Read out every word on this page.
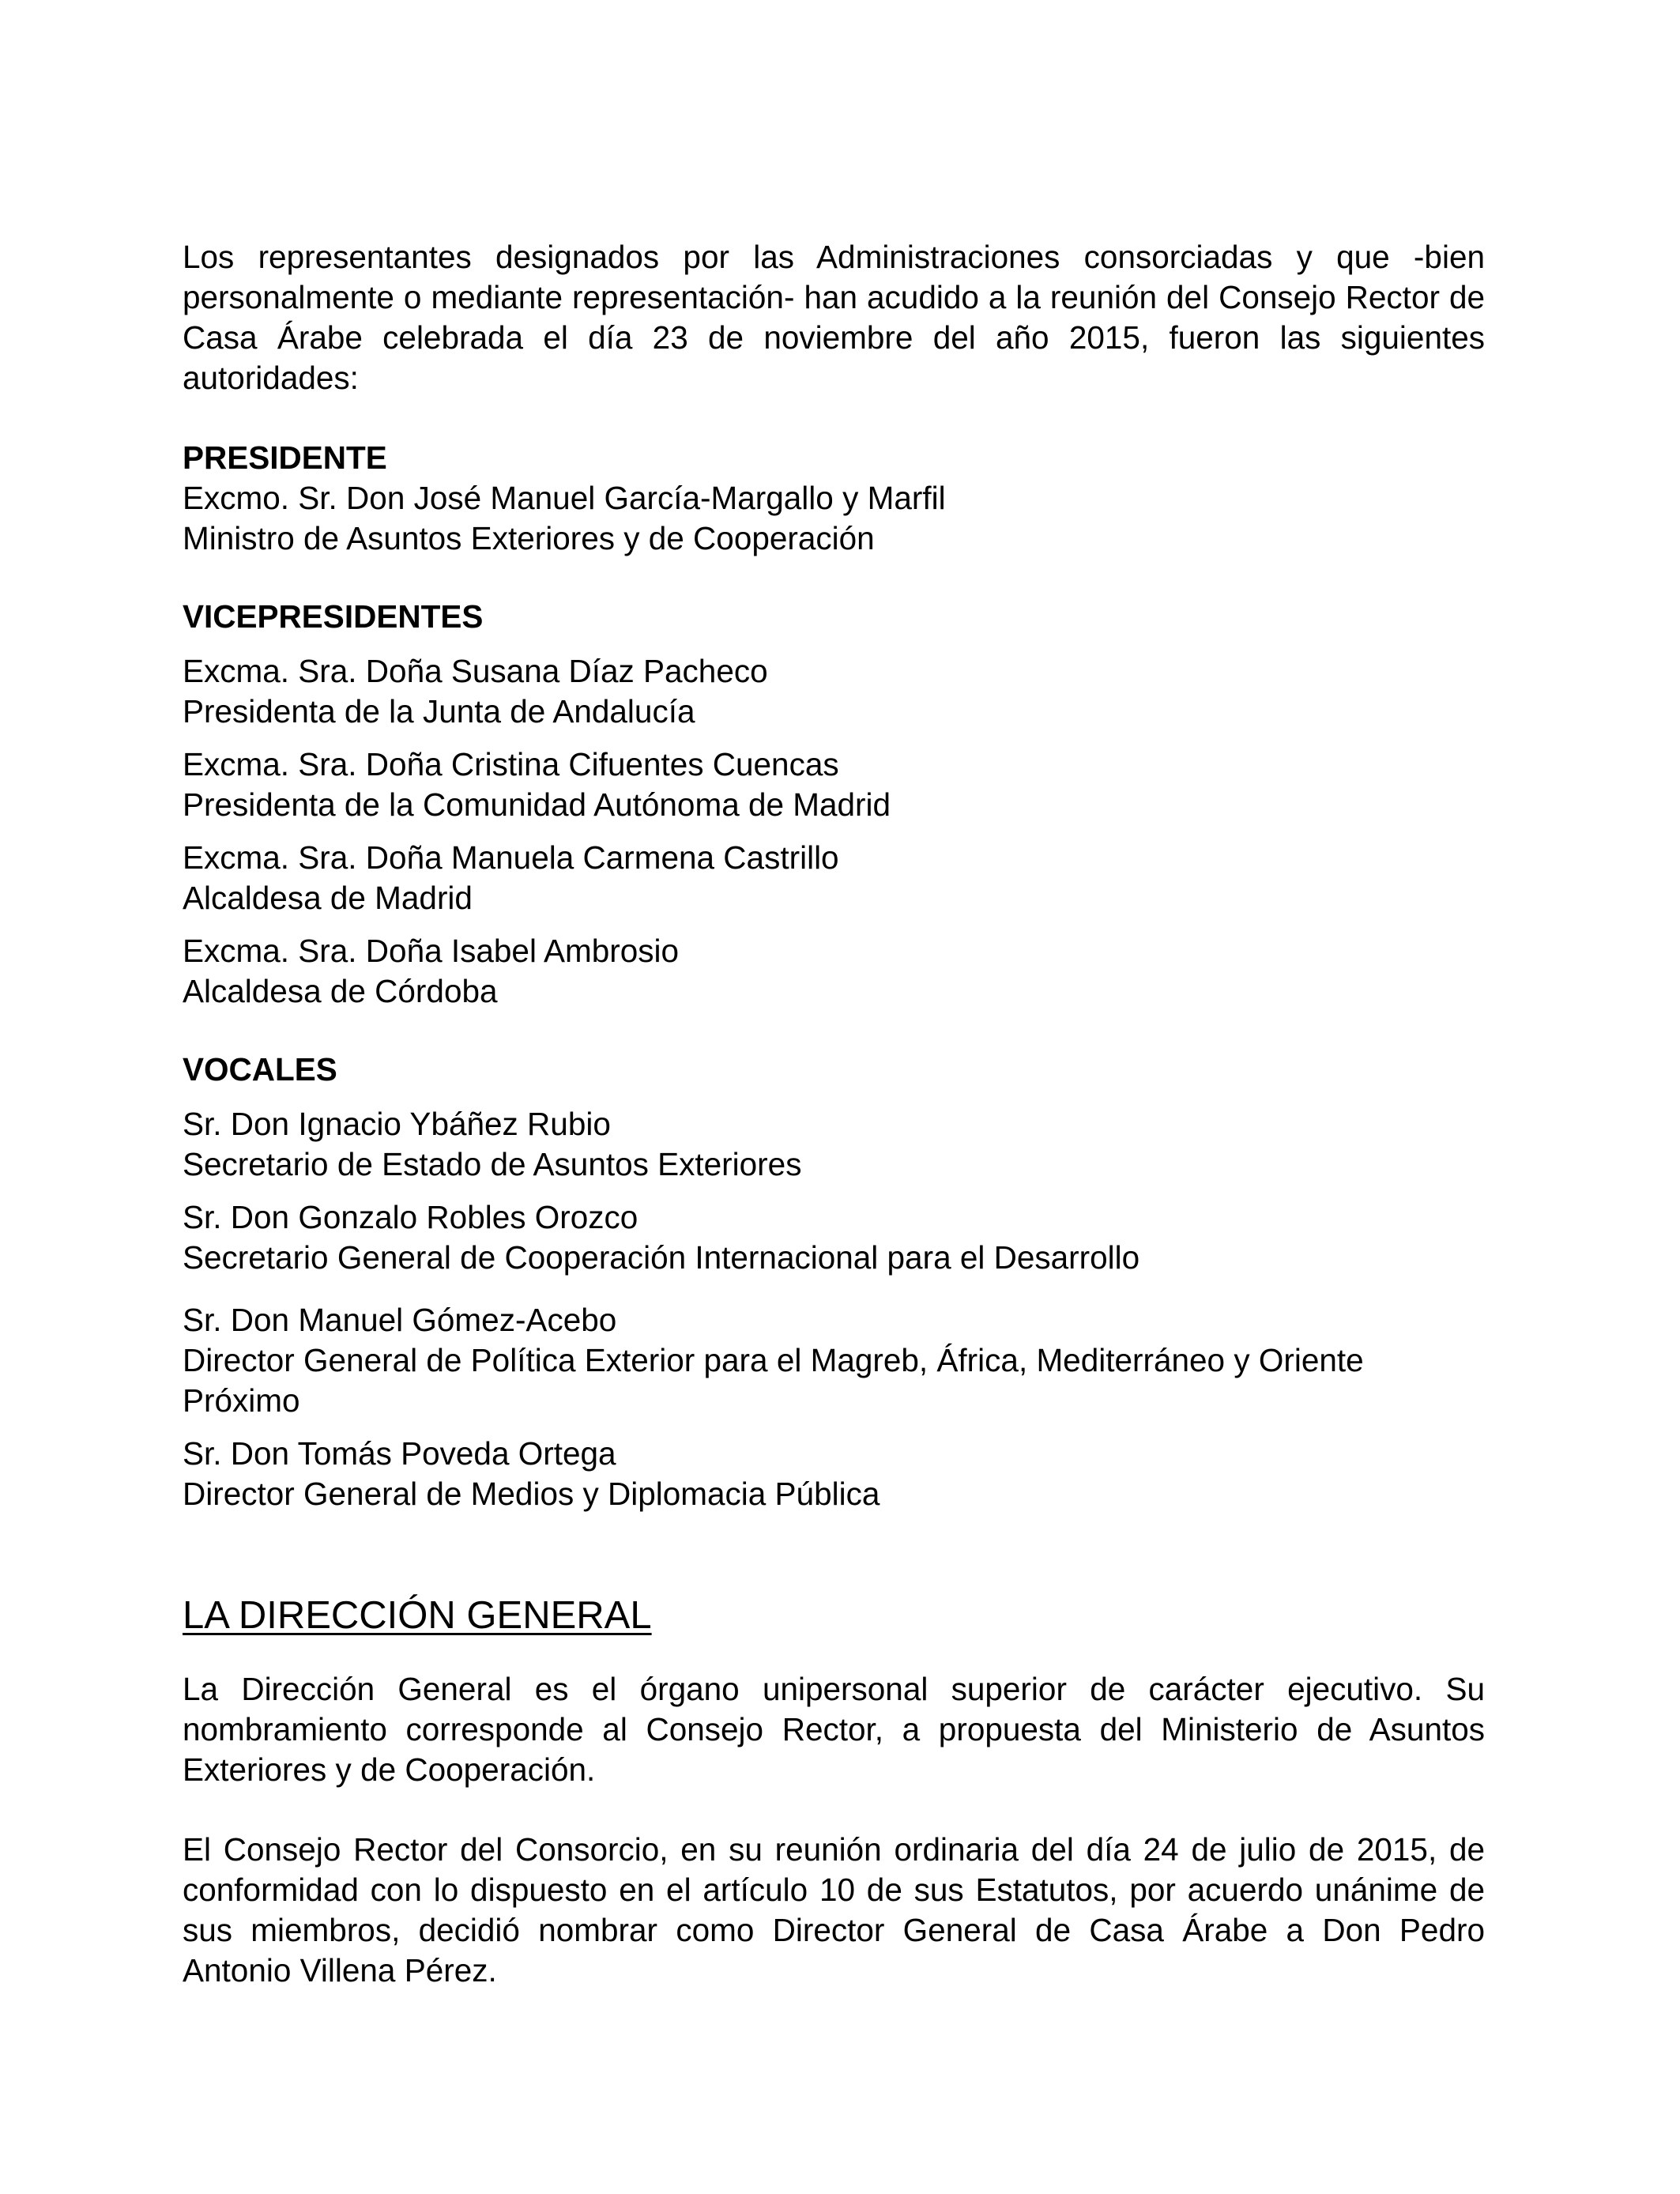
Los representantes designados por las Administraciones consorciadas y que -bien personalmente o mediante representación- han acudido a la reunión del Consejo Rector de Casa Árabe celebrada el día 23 de noviembre del año 2015, fueron las siguientes autoridades:

PRESIDENTE

Excmo. Sr. Don José Manuel García-Margallo y Marfil

Ministro de Asuntos Exteriores y de Cooperación

VICEPRESIDENTES

Excma. Sra. Doña Susana Díaz Pacheco

Presidenta de la Junta de Andalucía

Excma. Sra. Doña Cristina Cifuentes Cuencas

Presidenta de la Comunidad Autónoma de Madrid

Excma. Sra. Doña Manuela Carmena Castrillo

Alcaldesa de Madrid

Excma. Sra. Doña Isabel Ambrosio

Alcaldesa de Córdoba

VOCALES

Sr. Don Ignacio Ybáñez Rubio

Secretario de Estado de Asuntos Exteriores

Sr. Don Gonzalo Robles Orozco

Secretario General de Cooperación Internacional para el Desarrollo

Sr. Don Manuel Gómez-Acebo

Director General de Política Exterior para el Magreb, África, Mediterráneo y Oriente Próximo

Sr. Don Tomás Poveda Ortega

Director General de Medios y Diplomacia Pública

LA DIRECCIÓN GENERAL

La Dirección General es el órgano unipersonal superior de carácter ejecutivo. Su nombramiento corresponde al Consejo Rector, a propuesta del Ministerio de Asuntos Exteriores y de Cooperación.

El Consejo Rector del Consorcio, en su reunión ordinaria del día 24 de julio de 2015, de conformidad con lo dispuesto en el artículo 10 de sus Estatutos, por acuerdo unánime de sus miembros, decidió nombrar como Director General de Casa Árabe a Don Pedro Antonio Villena Pérez.
